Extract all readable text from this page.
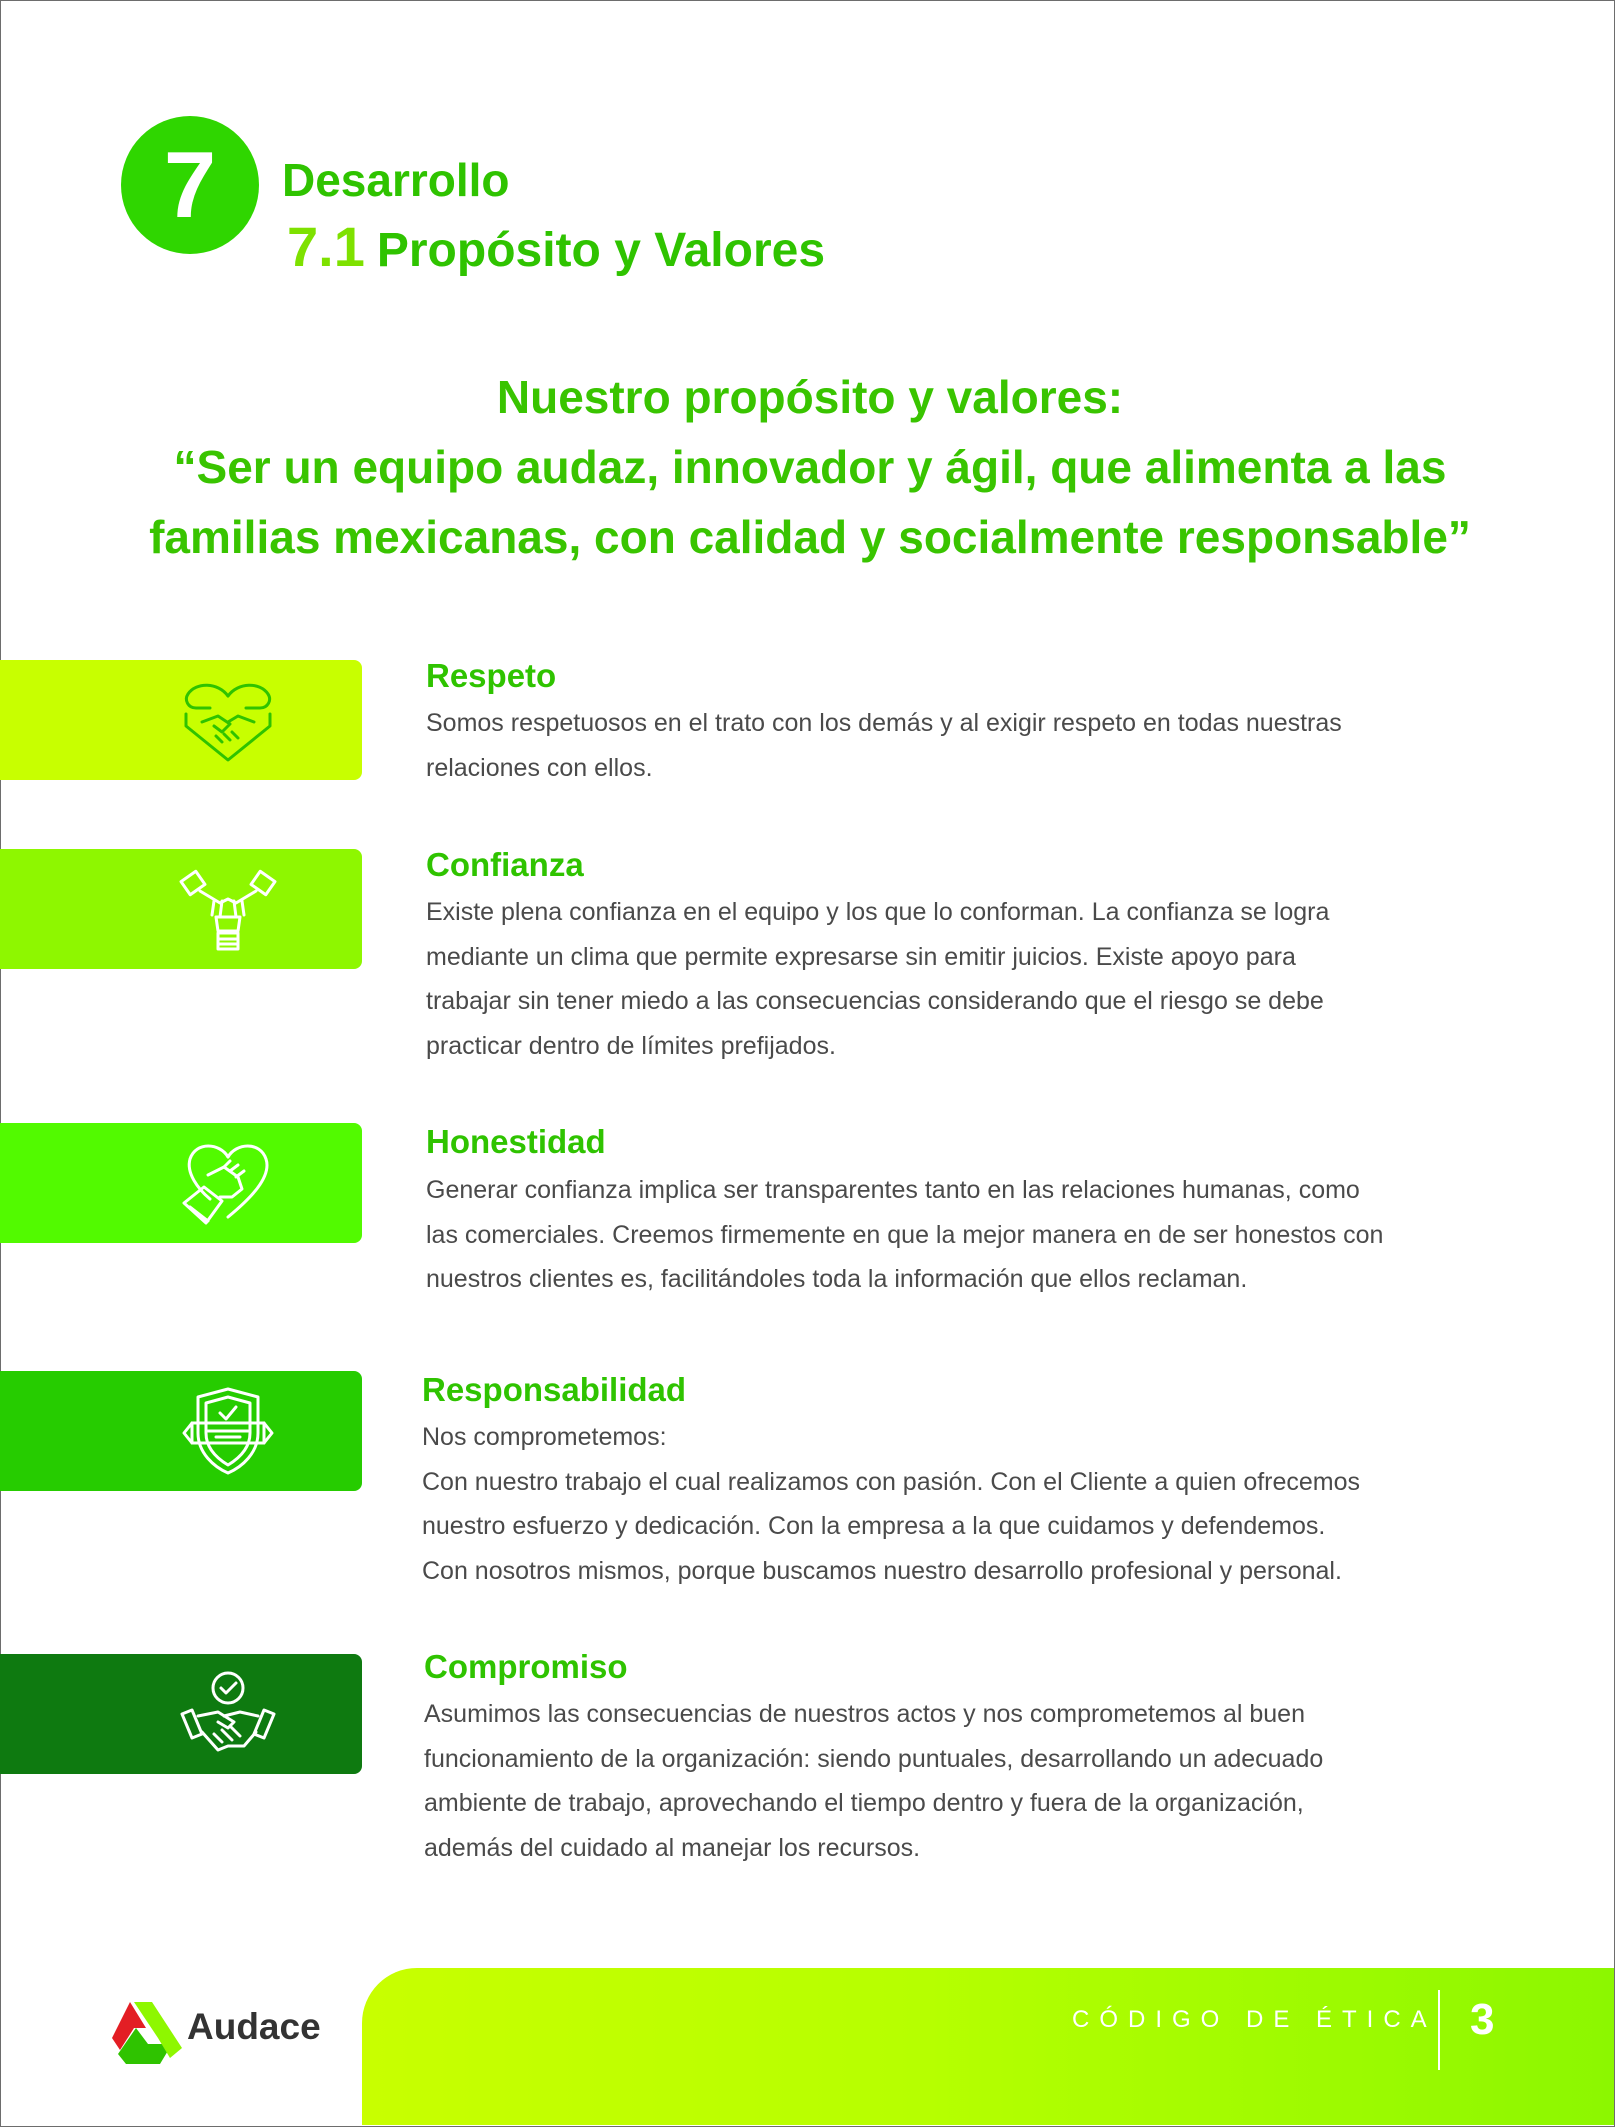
7	Desarrollo
7.1 Propósito y Valores

Nuestro propósito y valores:
“Ser un equipo audaz, innovador y ágil, que alimenta a las
familias mexicanas, con calidad y socialmente responsable”

Respeto

Somos respetuosos en el trato con los demás y al exigir respeto en todas nuestras
relaciones con ellos.

Confianza

Existe plena confianza en el equipo y los que lo conforman. La confianza se logra
mediante un clima que permite expresarse sin emitir juicios. Existe apoyo para
trabajar sin tener miedo a las consecuencias considerando que el riesgo se debe
practicar dentro de límites prefijados.

Honestidad

Generar confianza implica ser transparentes tanto en las relaciones humanas, como
las comerciales. Creemos firmemente en que la mejor manera en de ser honestos con
nuestros clientes es, facilitándoles toda la información que ellos reclaman.

Responsabilidad

Nos comprometemos:
Con nuestro trabajo el cual realizamos con pasión. Con el Cliente a quien ofrecemos
nuestro esfuerzo y dedicación. Con la empresa a la que cuidamos y defendemos.
Con nosotros mismos, porque buscamos nuestro desarrollo profesional y personal.

Compromiso

Asumimos las consecuencias de nuestros actos y nos comprometemos al buen
funcionamiento de la organización: siendo puntuales, desarrollando un adecuado
ambiente de trabajo, aprovechando el tiempo dentro y fuera de la organización,
además del cuidado al manejar los recursos.

Audace	CÓDIGO DE ÉTICA 3
